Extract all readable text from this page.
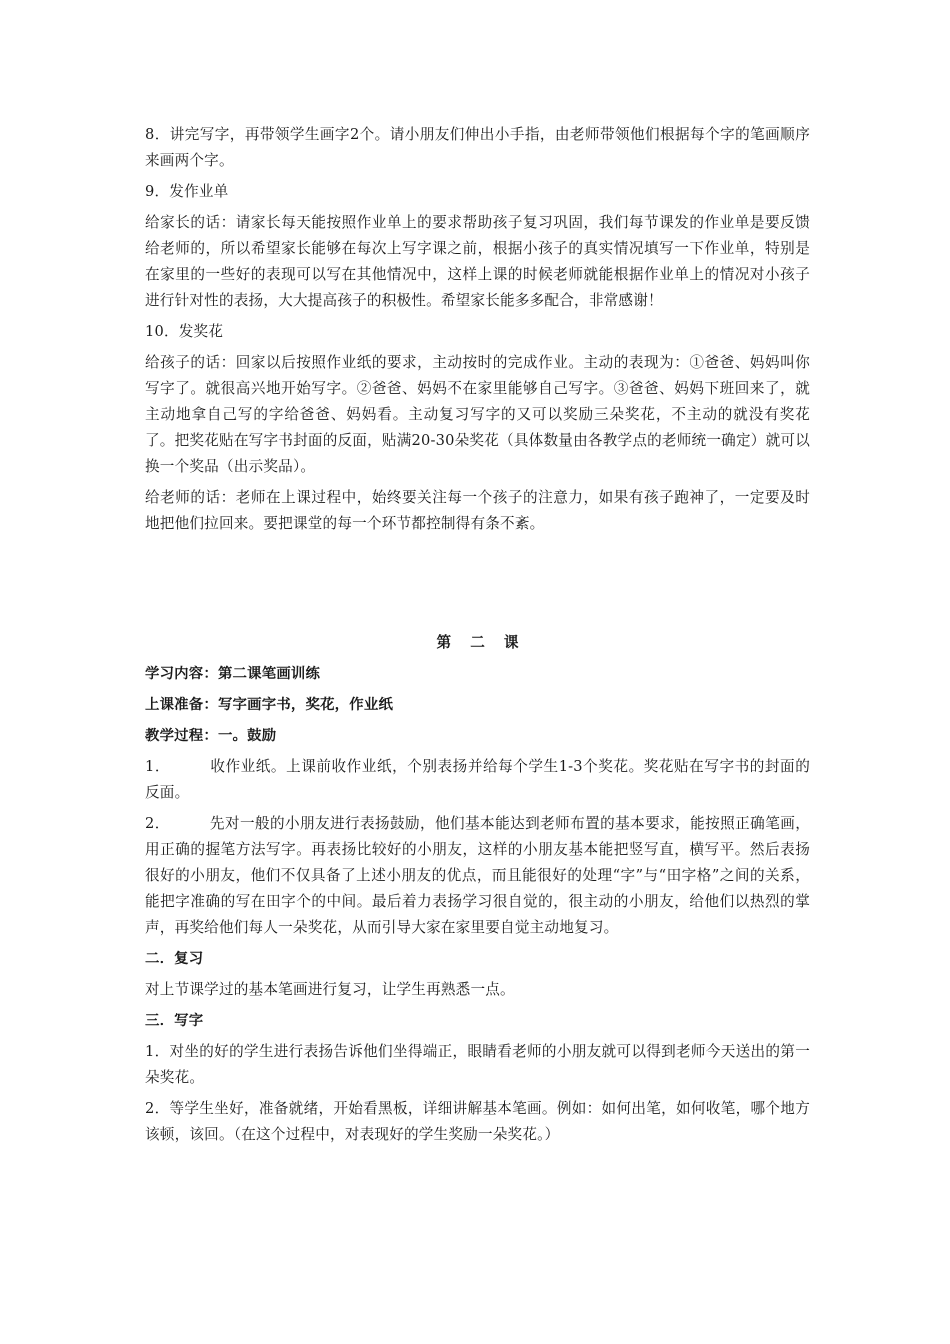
8．讲完写字，再带领学生画字2个。请小朋友们伸出小手指，由老师带领他们根据每个字的笔画顺序来画两个字。

9．发作业单

给家长的话：请家长每天能按照作业单上的要求帮助孩子复习巩固，我们每节课发的作业单是要反馈给老师的，所以希望家长能够在每次上写字课之前，根据小孩子的真实情况填写一下作业单，特别是在家里的一些好的表现可以写在其他情况中，这样上课的时候老师就能根据作业单上的情况对小孩子进行针对性的表扬，大大提高孩子的积极性。希望家长能多多配合，非常感谢！

10．发奖花

给孩子的话：回家以后按照作业纸的要求，主动按时的完成作业。主动的表现为：①爸爸、妈妈叫你写字了。就很高兴地开始写字。②爸爸、妈妈不在家里能够自己写字。③爸爸、妈妈下班回来了，就主动地拿自己写的字给爸爸、妈妈看。主动复习写字的又可以奖励三朵奖花，不主动的就没有奖花了。把奖花贴在写字书封面的反面，贴满20-30朵奖花（具体数量由各教学点的老师统一确定）就可以换一个奖品（出示奖品）。

给老师的话：老师在上课过程中，始终要关注每一个孩子的注意力，如果有孩子跑神了，一定要及时地把他们拉回来。要把课堂的每一个环节都控制得有条不紊。

第 二 课

学习内容：第二课笔画训练

上课准备：写字画字书，奖花，作业纸

教学过程：一。鼓励

1．	收作业纸。上课前收作业纸，个别表扬并给每个学生1-3个奖花。奖花贴在写字书的封面的反面。

2．	先对一般的小朋友进行表扬鼓励，他们基本能达到老师布置的基本要求，能按照正确笔画，用正确的握笔方法写字。再表扬比较好的小朋友，这样的小朋友基本能把竖写直，横写平。然后表扬很好的小朋友，他们不仅具备了上述小朋友的优点，而且能很好的处理“字”与“田字格”之间的关系，能把字准确的写在田字个的中间。最后着力表扬学习很自觉的，很主动的小朋友，给他们以热烈的掌声，再奖给他们每人一朵奖花，从而引导大家在家里要自觉主动地复习。

二．复习

对上节课学过的基本笔画进行复习，让学生再熟悉一点。

三．写字

1．对坐的好的学生进行表扬告诉他们坐得端正，眼睛看老师的小朋友就可以得到老师今天送出的第一朵奖花。

2．等学生坐好，准备就绪，开始看黑板，详细讲解基本笔画。例如：如何出笔，如何收笔，哪个地方该顿，该回。（在这个过程中，对表现好的学生奖励一朵奖花。）
